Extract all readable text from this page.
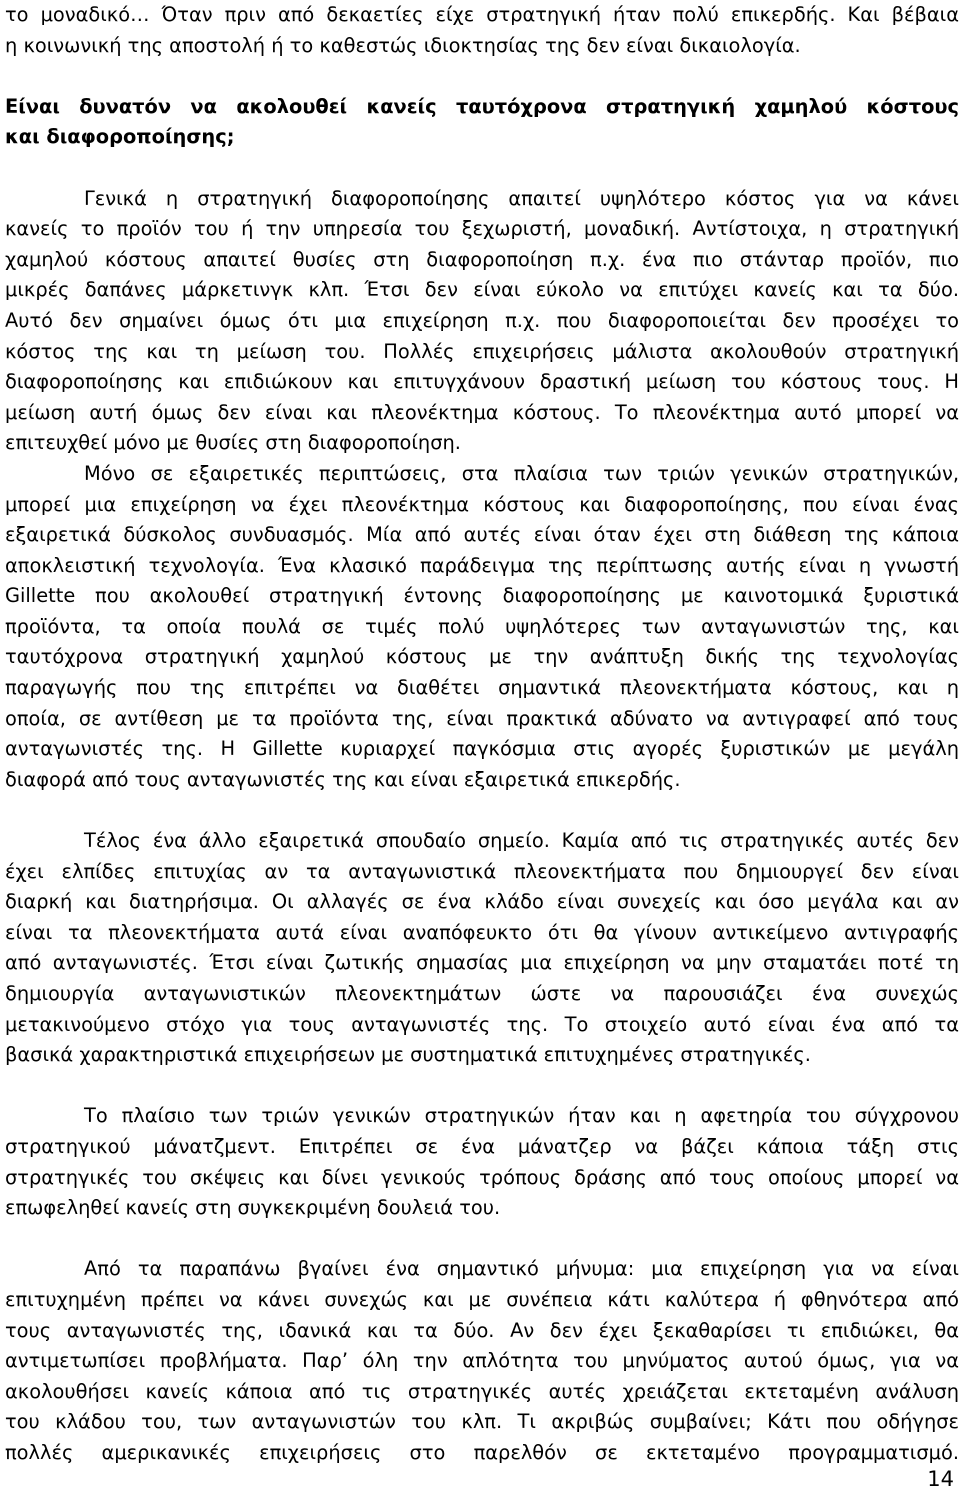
το μοναδικό… Όταν πριν από δεκαετίες είχε στρατηγική ήταν πολύ επικερδής. Και βέβαια
η κοινωνική της αποστολή ή το καθεστώς ιδιοκτησίας της δεν είναι δικαιολογία.
Είναι δυνατόν να ακολουθεί κανείς ταυτόχρονα στρατηγική χαμηλού κόστους
και διαφοροποίησης;
Γενικά η στρατηγική διαφοροποίησης απαιτεί υψηλότερο κόστος για να κάνει
κανείς το προϊόν του ή την υπηρεσία του ξεχωριστή, μοναδική. Αντίστοιχα, η στρατηγική
χαμηλού κόστους απαιτεί θυσίες στη διαφοροποίηση π.χ. ένα πιο στάνταρ προϊόν, πιο
μικρές δαπάνες μάρκετινγκ κλπ. Έτσι δεν είναι εύκολο να επιτύχει κανείς και τα δύο.
Αυτό δεν σημαίνει όμως ότι μια επιχείρηση π.χ. που διαφοροποιείται δεν προσέχει το
κόστος της και τη μείωση του. Πολλές επιχειρήσεις μάλιστα ακολουθούν στρατηγική
διαφοροποίησης και επιδιώκουν και επιτυγχάνουν δραστική μείωση του κόστους τους. Η
μείωση αυτή όμως δεν είναι και πλεονέκτημα κόστους. Το πλεονέκτημα αυτό μπορεί να
επιτευχθεί μόνο με θυσίες στη διαφοροποίηση.
Μόνο σε εξαιρετικές περιπτώσεις, στα πλαίσια των τριών γενικών στρατηγικών,
μπορεί μια επιχείρηση να έχει πλεονέκτημα κόστους και διαφοροποίησης, που είναι ένας
εξαιρετικά δύσκολος συνδυασμός. Μία από αυτές είναι όταν έχει στη διάθεση της κάποια
αποκλειστική τεχνολογία. Ένα κλασικό παράδειγμα της περίπτωσης αυτής είναι η γνωστή
Gillette που ακολουθεί στρατηγική έντονης διαφοροποίησης με καινοτομικά ξυριστικά
προϊόντα, τα οποία πουλά σε τιμές πολύ υψηλότερες των ανταγωνιστών της, και
ταυτόχρονα στρατηγική χαμηλού κόστους με την ανάπτυξη δικής της τεχνολογίας
παραγωγής που της επιτρέπει να διαθέτει σημαντικά πλεονεκτήματα κόστους, και η
οποία, σε αντίθεση με τα προϊόντα της, είναι πρακτικά αδύνατο να αντιγραφεί από τους
ανταγωνιστές της. Η Gillette κυριαρχεί παγκόσμια στις αγορές ξυριστικών με μεγάλη
διαφορά από τους ανταγωνιστές της και είναι εξαιρετικά επικερδής.
Τέλος ένα άλλο εξαιρετικά σπουδαίο σημείο. Καμία από τις στρατηγικές αυτές δεν
έχει ελπίδες επιτυχίας αν τα ανταγωνιστικά πλεονεκτήματα που δημιουργεί δεν είναι
διαρκή και διατηρήσιμα. Οι αλλαγές σε ένα κλάδο είναι συνεχείς και όσο μεγάλα και αν
είναι τα πλεονεκτήματα αυτά είναι αναπόφευκτο ότι θα γίνουν αντικείμενο αντιγραφής
από ανταγωνιστές. Έτσι είναι ζωτικής σημασίας μια επιχείρηση να μην σταματάει ποτέ τη
δημιουργία ανταγωνιστικών πλεονεκτημάτων ώστε να παρουσιάζει ένα συνεχώς
μετακινούμενο στόχο για τους ανταγωνιστές της. Το στοιχείο αυτό είναι ένα από τα
βασικά χαρακτηριστικά επιχειρήσεων με συστηματικά επιτυχημένες στρατηγικές.
Το πλαίσιο των τριών γενικών στρατηγικών ήταν και η αφετηρία του σύγχρονου
στρατηγικού μάνατζμεντ. Επιτρέπει σε ένα μάνατζερ να βάζει κάποια τάξη στις
στρατηγικές του σκέψεις και δίνει γενικούς τρόπους δράσης από τους οποίους μπορεί να
επωφεληθεί κανείς στη συγκεκριμένη δουλειά του.
Από τα παραπάνω βγαίνει ένα σημαντικό μήνυμα: μια επιχείρηση για να είναι
επιτυχημένη πρέπει να κάνει συνεχώς και με συνέπεια κάτι καλύτερα ή φθηνότερα από
τους ανταγωνιστές της, ιδανικά και τα δύο. Αν δεν έχει ξεκαθαρίσει τι επιδιώκει, θα
αντιμετωπίσει προβλήματα. Παρ’ όλη την απλότητα του μηνύματος αυτού όμως, για να
ακολουθήσει κανείς κάποια από τις στρατηγικές αυτές χρειάζεται εκτεταμένη ανάλυση
του κλάδου του, των ανταγωνιστών του κλπ. Τι ακριβώς συμβαίνει; Κάτι που οδήγησε
πολλές αμερικανικές επιχειρήσεις στο παρελθόν σε εκτεταμένο προγραμματισμό.
14
